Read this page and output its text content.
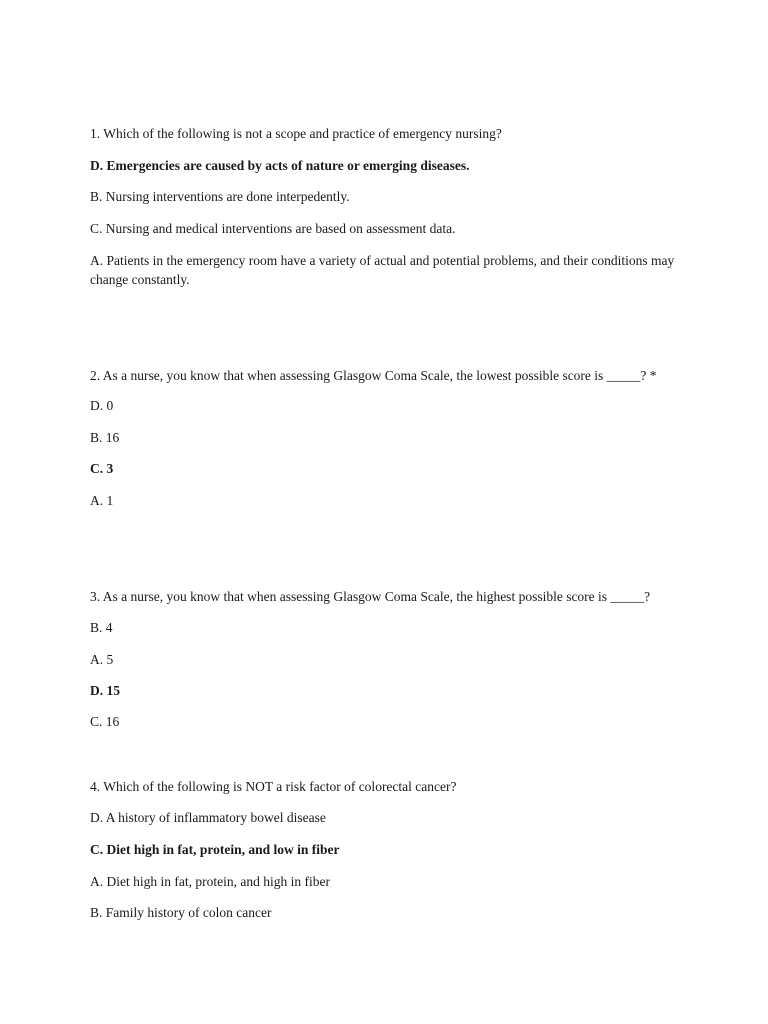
1. Which of the following is not a scope and practice of emergency nursing?
D. Emergencies are caused by acts of nature or emerging diseases.
B. Nursing interventions are done interpedently.
C. Nursing and medical interventions are based on assessment data.
A. Patients in the emergency room have a variety of actual and potential problems, and their conditions may change constantly.
2. As a nurse, you know that when assessing Glasgow Coma Scale, the lowest possible score is _____? *
D. 0
B. 16
C. 3
A. 1
3. As a nurse, you know that when assessing Glasgow Coma Scale, the highest possible score is _____?
B. 4
A. 5
D. 15
C. 16
4. Which of the following is NOT a risk factor of colorectal cancer?
D. A history of inflammatory bowel disease
C. Diet high in fat, protein, and low in fiber
A. Diet high in fat, protein, and high in fiber
B. Family history of colon cancer
